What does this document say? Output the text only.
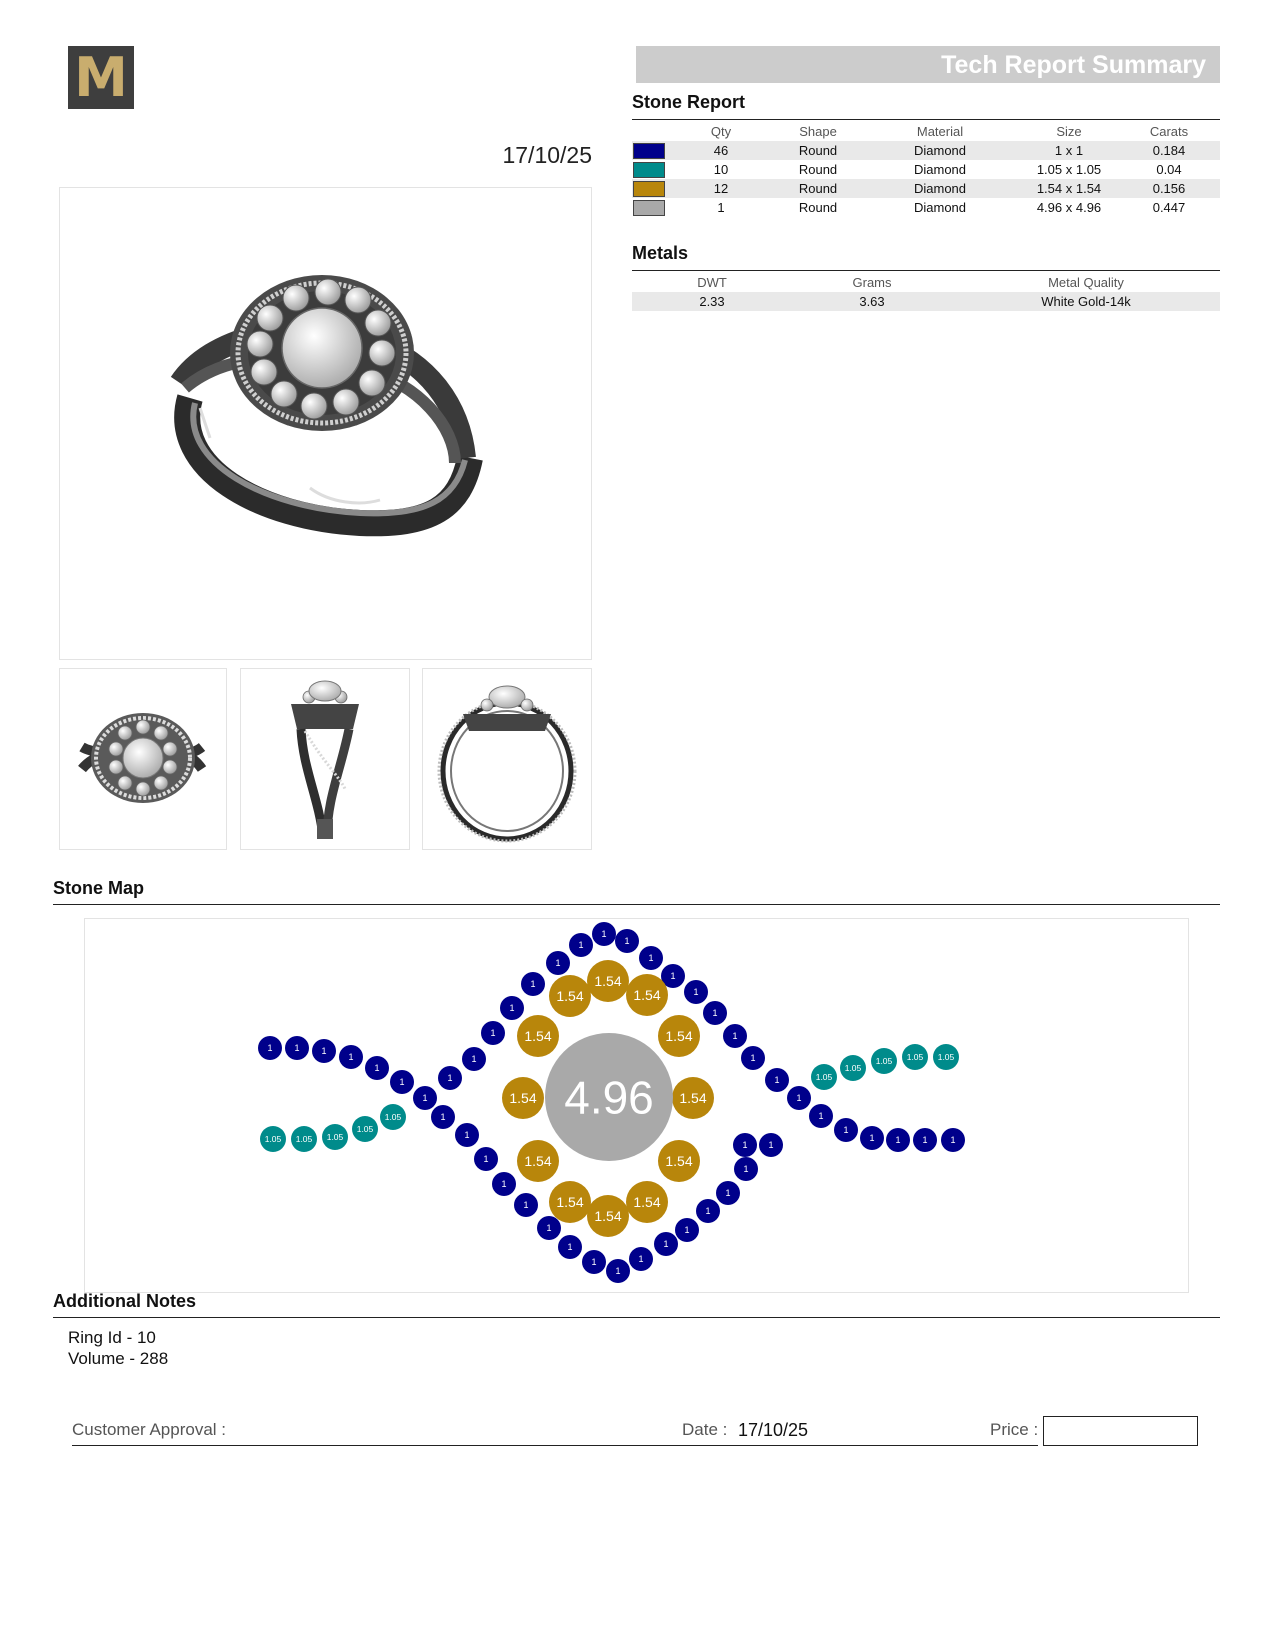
M
17/10/25
Tech Report Summary
Stone Report
	Qty	Shape	Material	Size	Carats

	46	Round	Diamond	1 x 1	0.184

	10	Round	Diamond	1.05 x 1.05	0.04

	12	Round	Diamond	1.54 x 1.54	0.156

	1	Round	Diamond	4.96 x 4.96	0.447
Metals
DWT	Grams	Metal Quality
2.33	3.63	White Gold-14k
Stone Map
1 1 1
1
1
1
1
1
1
1
1
1
1
1
1
1
1
1
1
1
1
1
1
1
1
1
1
1 1 1	1
1
1
1
1
1
1
1
1
1
1
1
1
1
1
1
1
1.05 1.05 1.05
1.05
1.05
1.05
1.05
1.05 1.05 1.05
1.54
1.54
1.54
1.54	1.54
1.54	1.54
1.54	1.54
1.54
1.54
1.54
4.96
Additional Notes
Ring Id - 10
Volume - 288
Customer Approval :	Date : 17/10/25	Price :
